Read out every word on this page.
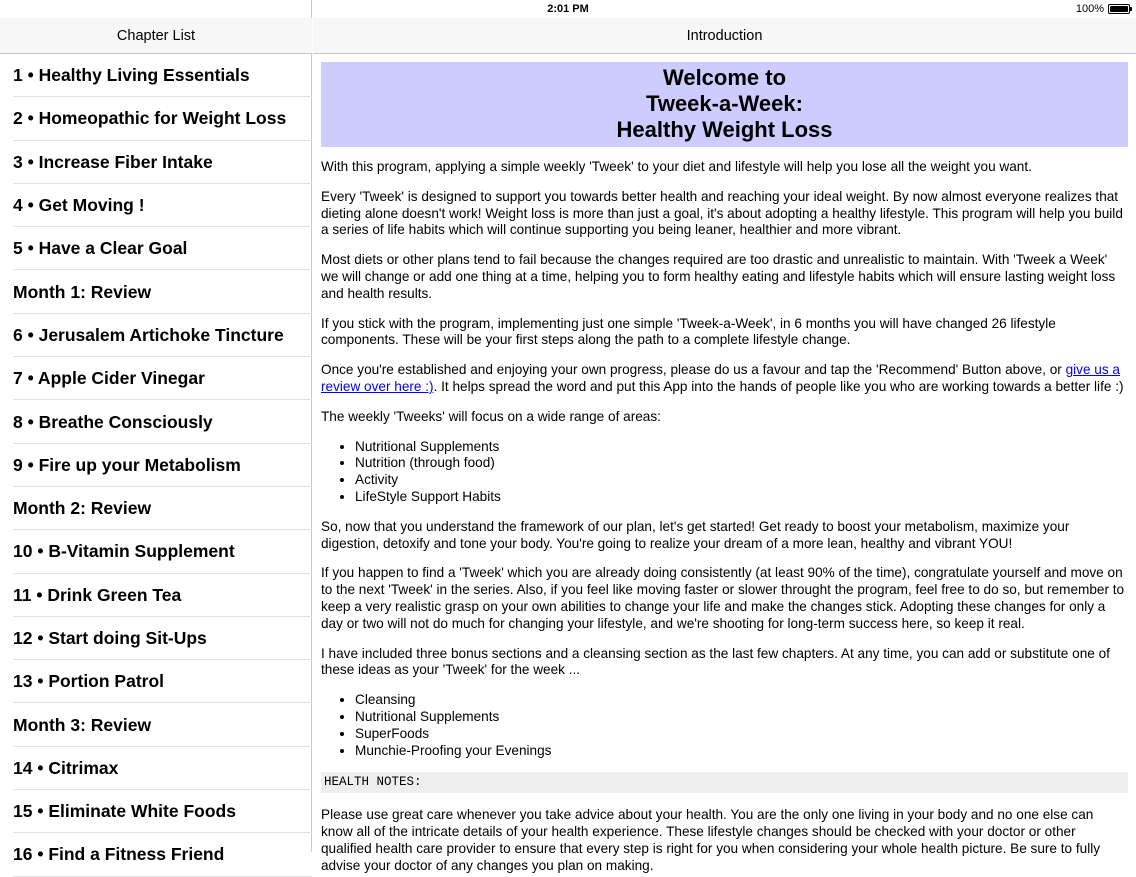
2:01 PM	100%
Chapter List
1 • Healthy Living Essentials
2 • Homeopathic for Weight Loss
3 • Increase Fiber Intake
4 • Get Moving !
5 • Have a Clear Goal
Month 1: Review
6 • Jerusalem Artichoke Tincture
7 • Apple Cider Vinegar
8 • Breathe Consciously
9 • Fire up your Metabolism
Month 2: Review
10 • B-Vitamin Supplement
11 • Drink Green Tea
12 • Start doing Sit-Ups
13 • Portion Patrol
Month 3: Review
14 • Citrimax
15 • Eliminate White Foods
16 • Find a Fitness Friend
Introduction
Welcome to
Tweek-a-Week:
Healthy Weight Loss

With this program, applying a simple weekly 'Tweek' to your diet and lifestyle will help you lose all the weight you want.

Every 'Tweek' is designed to support you towards better health and reaching your ideal weight. By now almost everyone realizes that dieting alone doesn't work! Weight loss is more than just a goal, it's about adopting a healthy lifestyle. This program will help you build a series of life habits which will continue supporting you being leaner, healthier and more vibrant.

Most diets or other plans tend to fail because the changes required are too drastic and unrealistic to maintain. With 'Tweek a Week' we will change or add one thing at a time, helping you to form healthy eating and lifestyle habits which will ensure lasting weight loss and health results.

If you stick with the program, implementing just one simple 'Tweek-a-Week', in 6 months you will have changed 26 lifestyle components. These will be your first steps along the path to a complete lifestyle change.

Once you're established and enjoying your own progress, please do us a favour and tap the 'Recommend' Button above, or give us a review over here :). It helps spread the word and put this App into the hands of people like you who are working towards a better life :)

The weekly 'Tweeks' will focus on a wide range of areas:

• Nutritional Supplements
• Nutrition (through food)
• Activity
• LifeStyle Support Habits

So, now that you understand the framework of our plan, let's get started! Get ready to boost your metabolism, maximize your digestion, detoxify and tone your body. You're going to realize your dream of a more lean, healthy and vibrant YOU!

If you happen to find a 'Tweek' which you are already doing consistently (at least 90% of the time), congratulate yourself and move on to the next 'Tweek' in the series. Also, if you feel like moving faster or slower throught the program, feel free to do so, but remember to keep a very realistic grasp on your own abilities to change your life and make the changes stick. Adopting these changes for only a day or two will not do much for changing your lifestyle, and we're shooting for long-term success here, so keep it real.

I have included three bonus sections and a cleansing section as the last few chapters. At any time, you can add or substitute one of these ideas as your 'Tweek' for the week ...

• Cleansing
• Nutritional Supplements
• SuperFoods
• Munchie-Proofing your Evenings
HEALTH NOTES:

Please use great care whenever you take advice about your health. You are the only one living in your body and no one else can know all of the intricate details of your health experience. These lifestyle changes should be checked with your doctor or other qualified health care provider to ensure that every step is right for you when considering your whole health picture. Be sure to fully advise your doctor of any changes you plan on making.
